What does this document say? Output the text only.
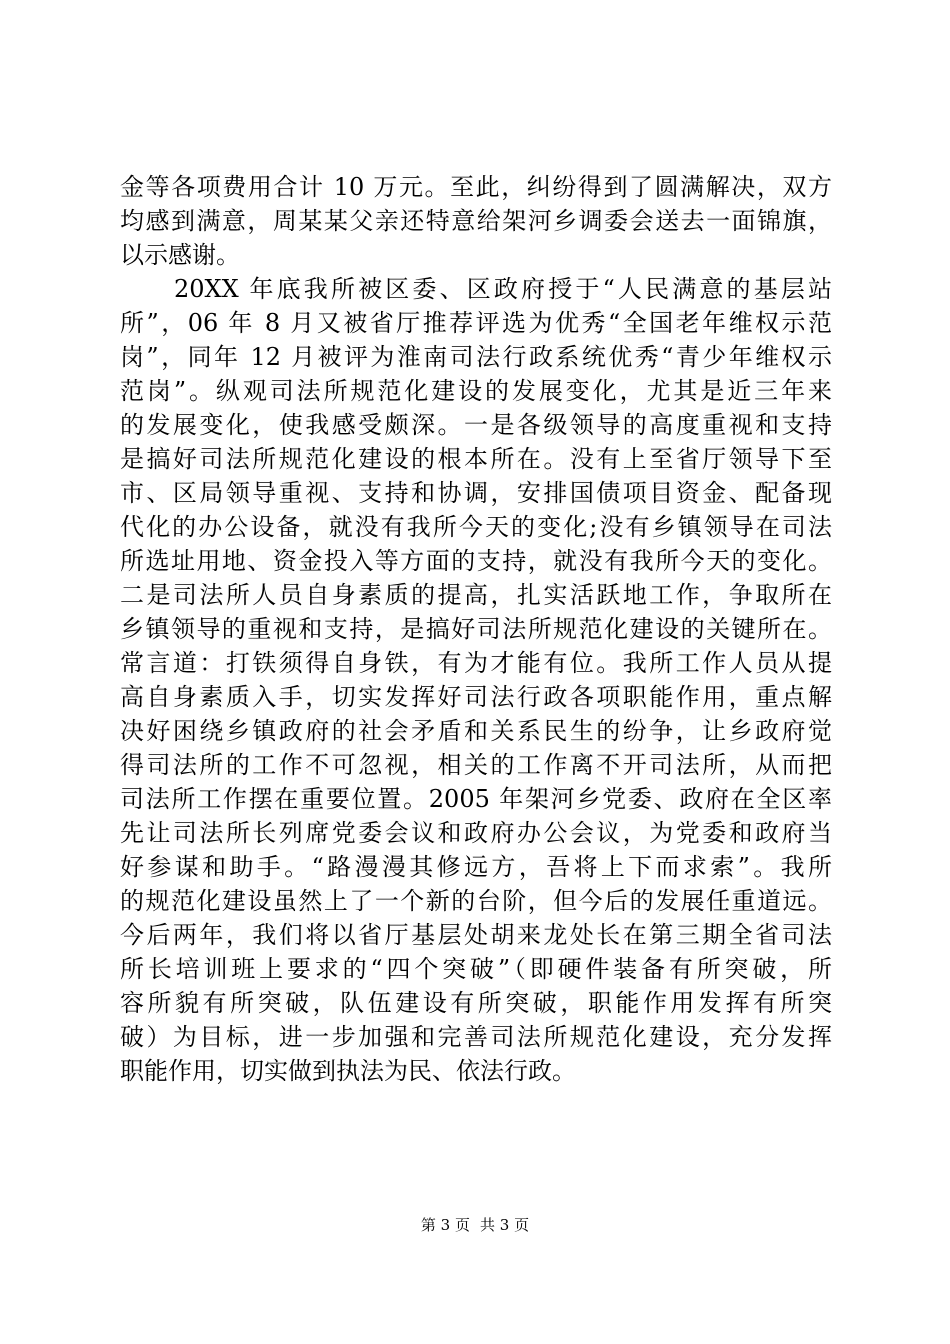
金等各项费用合计 10 万元。至此，纠纷得到了圆满解决，双方
均感到满意，周某某父亲还特意给架河乡调委会送去一面锦旗，
以示感谢。
20XX 年底我所被区委、区政府授于“人民满意的基层站
所”，06 年 8 月又被省厅推荐评选为优秀“全国老年维权示范
岗”，同年 12 月被评为淮南司法行政系统优秀“青少年维权示
范岗”。纵观司法所规范化建设的发展变化，尤其是近三年来
的发展变化，使我感受颇深。一是各级领导的高度重视和支持
是搞好司法所规范化建设的根本所在。没有上至省厅领导下至
市、区局领导重视、支持和协调，安排国债项目资金、配备现
代化的办公设备，就没有我所今天的变化;没有乡镇领导在司法
所选址用地、资金投入等方面的支持，就没有我所今天的变化。
二是司法所人员自身素质的提高，扎实活跃地工作，争取所在
乡镇领导的重视和支持，是搞好司法所规范化建设的关键所在。
常言道：打铁须得自身铁，有为才能有位。我所工作人员从提
高自身素质入手，切实发挥好司法行政各项职能作用，重点解
决好困绕乡镇政府的社会矛盾和关系民生的纷争，让乡政府觉
得司法所的工作不可忽视，相关的工作离不开司法所，从而把
司法所工作摆在重要位置。2005 年架河乡党委、政府在全区率
先让司法所长列席党委会议和政府办公会议，为党委和政府当
好参谋和助手。“路漫漫其修远方，吾将上下而求索”。我所
的规范化建设虽然上了一个新的台阶，但今后的发展任重道远。
今后两年，我们将以省厅基层处胡来龙处长在第三期全省司法
所长培训班上要求的“四个突破”（即硬件装备有所突破，所
容所貌有所突破，队伍建设有所突破，职能作用发挥有所突
破）为目标，进一步加强和完善司法所规范化建设，充分发挥
职能作用，切实做到执法为民、依法行政。
第 3 页 共 3 页
